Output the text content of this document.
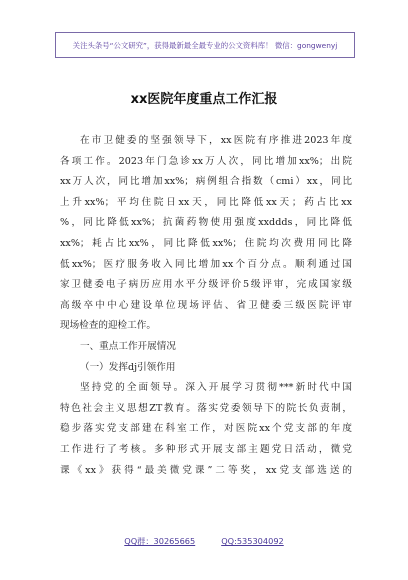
关注头条号“公文研究”，获得最新最全最专业的公文资料库！ 微信：gongwenyj
xx医院年度重点工作汇报
在市卫健委的坚强领导下，xx医院有序推进2023年度
各项工作。2023年门急诊xx万人次，同比增加xx%；出院
xx万人次，同比增加xx%；病例组合指数（cmi）xx，同比
上升xx%；平均住院日xx天，同比降低xx天；药占比xx
%，同比降低xx%；抗菌药物使用强度xxddds，同比降低
xx%；耗占比xx%，同比降低xx%；住院均次费用同比降
低xx%；医疗服务收入同比增加xx个百分点。顺利通过国
家卫健委电子病历应用水平分级评价5级评审，完成国家级
高级卒中中心建设单位现场评估、省卫健委三级医院评审
现场检查的迎检工作。
一、重点工作开展情况
（一）发挥dj引领作用
坚持党的全面领导。深入开展学习贯彻***新时代中国
特色社会主义思想ZT教育。落实党委领导下的院长负责制，
稳步落实党支部建在科室工作，对医院xx个党支部的年度
工作进行了考核。多种形式开展支部主题党日活动，微党
课《xx》获得“最美微党课”二等奖，xx党支部选送的
QQ群：30265665	QQ:535304092
